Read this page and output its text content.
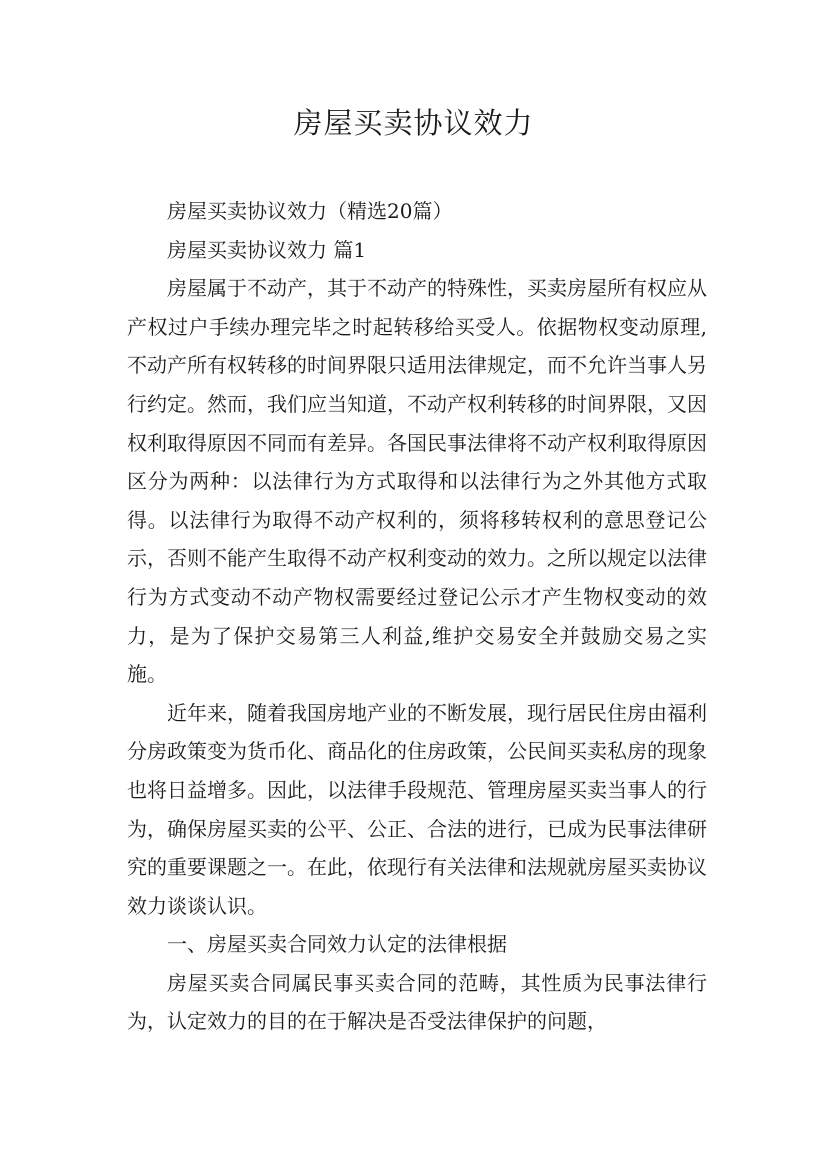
房屋买卖协议效力

房屋买卖协议效力（精选20篇）

房屋买卖协议效力 篇1

房屋属于不动产，其于不动产的特殊性，买卖房屋所有权应从产权过户手续办理完毕之时起转移给买受人。依据物权变动原理,不动产所有权转移的时间界限只适用法律规定，而不允许当事人另行约定。然而，我们应当知道，不动产权利转移的时间界限，又因权利取得原因不同而有差异。各国民事法律将不动产权利取得原因区分为两种：以法律行为方式取得和以法律行为之外其他方式取得。以法律行为取得不动产权利的，须将移转权利的意思登记公示，否则不能产生取得不动产权利变动的效力。之所以规定以法律行为方式变动不动产物权需要经过登记公示才产生物权变动的效力，是为了保护交易第三人利益,维护交易安全并鼓励交易之实施。

近年来，随着我国房地产业的不断发展，现行居民住房由福利分房政策变为货币化、商品化的住房政策，公民间买卖私房的现象也将日益增多。因此，以法律手段规范、管理房屋买卖当事人的行为，确保房屋买卖的公平、公正、合法的进行，已成为民事法律研究的重要课题之一。在此，依现行有关法律和法规就房屋买卖协议效力谈谈认识。

一、房屋买卖合同效力认定的法律根据

房屋买卖合同属民事买卖合同的范畴，其性质为民事法律行为，认定效力的目的在于解决是否受法律保护的问题，
